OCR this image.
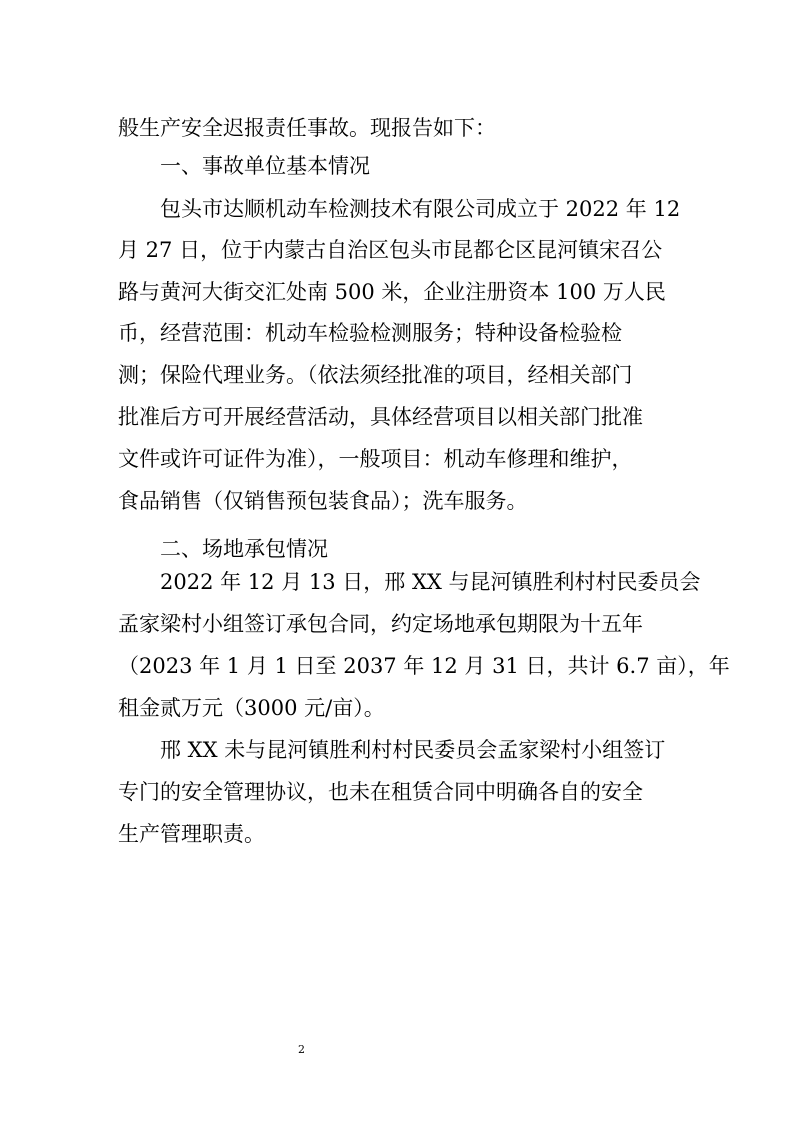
般生产安全迟报责任事故。现报告如下：
一、事故单位基本情况
包头市达顺机动车检测技术有限公司成立于 2022 年 12
月 27 日，位于内蒙古自治区包头市昆都仑区昆河镇宋召公
路与黄河大街交汇处南 500 米，企业注册资本 100 万人民
币，经营范围：机动车检验检测服务；特种设备检验检
测；保险代理业务。（依法须经批准的项目，经相关部门
批准后方可开展经营活动，具体经营项目以相关部门批准
文件或许可证件为准），一般项目：机动车修理和维护，
食品销售（仅销售预包装食品）；洗车服务。
二、场地承包情况
2022 年 12 月 13 日，邢 XX 与昆河镇胜利村村民委员会
孟家梁村小组签订承包合同，约定场地承包期限为十五年
（2023 年 1 月 1 日至 2037 年 12 月 31 日，共计 6.7 亩），年
租金贰万元（3000 元/亩）。
邢 XX 未与昆河镇胜利村村民委员会孟家梁村小组签订
专门的安全管理协议，也未在租赁合同中明确各自的安全
生产管理职责。
2
